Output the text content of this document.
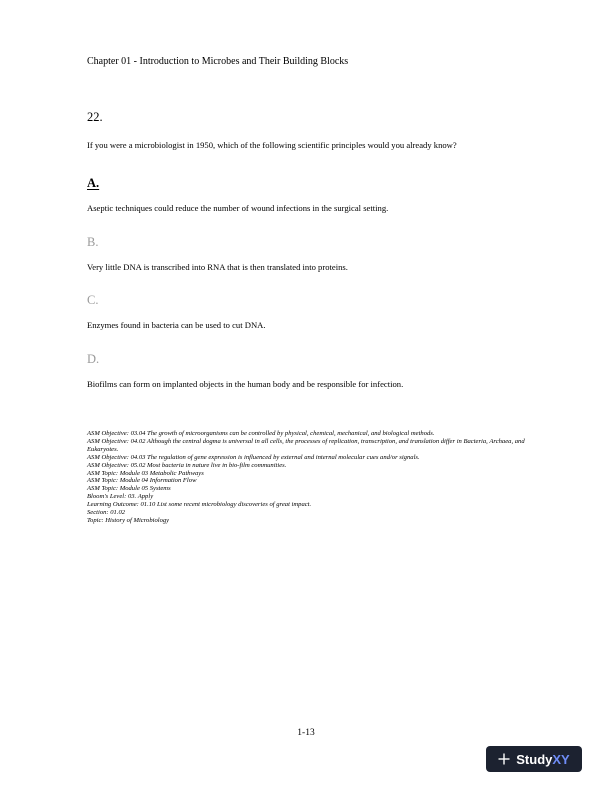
Chapter 01 - Introduction to Microbes and Their Building Blocks
22.
If you were a microbiologist in 1950, which of the following scientific principles would you already know?
A.
Aseptic techniques could reduce the number of wound infections in the surgical setting.
B.
Very little DNA is transcribed into RNA that is then translated into proteins.
C.
Enzymes found in bacteria can be used to cut DNA.
D.
Biofilms can form on implanted objects in the human body and be responsible for infection.
ASM Objective: 03.04 The growth of microorganisms can be controlled by physical, chemical, mechanical, and biological methods.
ASM Objective: 04.02 Although the central dogma is universal in all cells, the processes of replication, transcription, and translation differ in Bacteria, Archaea, and Eukaryotes.
ASM Objective: 04.03 The regulation of gene expression is influenced by external and internal molecular cues and/or signals.
ASM Objective: 05.02 Most bacteria in nature live in bio-film communities.
ASM Topic: Module 03 Metabolic Pathways
ASM Topic: Module 04 Information Flow
ASM Topic: Module 05 Systems
Bloom's Level: 03. Apply
Learning Outcome: 01.10 List some recent microbiology discoveries of great impact.
Section: 01.02
Topic: History of Microbiology
1-13
Study XY
